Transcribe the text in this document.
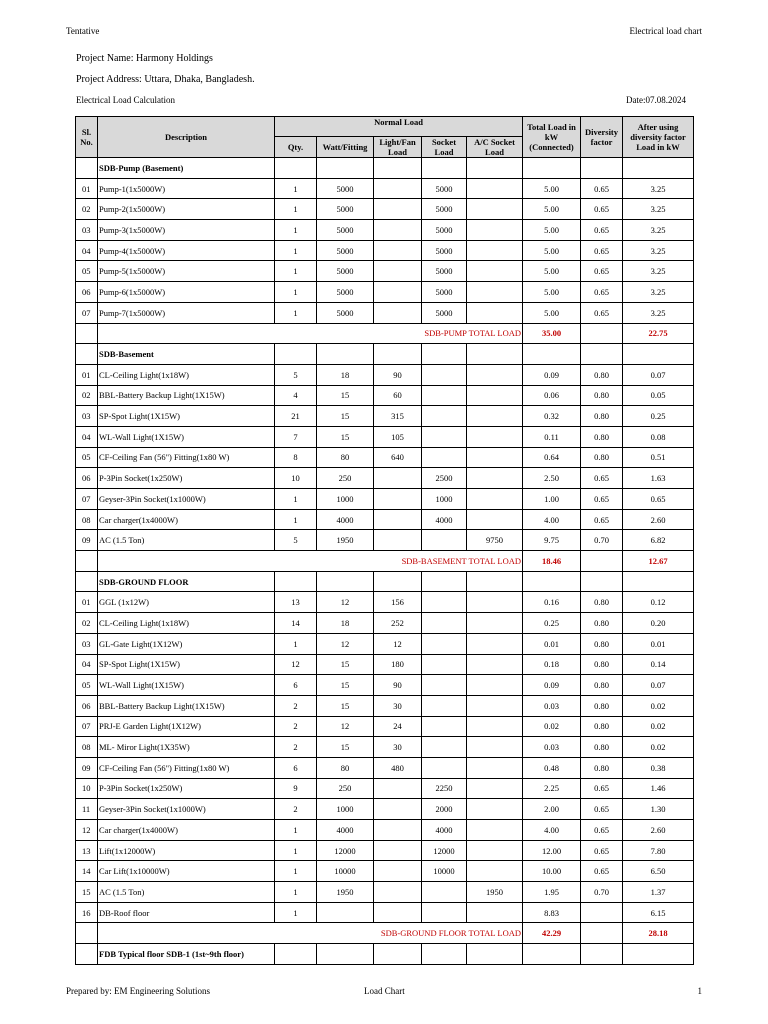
Tentative	Electrical load chart
Project Name: Harmony Holdings
Project Address: Uttara, Dhaka, Bangladesh.
Electrical Load Calculation	Date:07.08.2024
Sl. No.	Description	Normal Load					Total Load in kW (Connected)	Diversity factor	After using diversity factor Load in kW
		Qty.	Watt/Fitting	Light/Fan Load	Socket Load	A/C Socket Load			
	SDB-Pump (Basement)								
01	Pump-1(1x5000W)	1	5000		5000		5.00	0.65	3.25
02	Pump-2(1x5000W)	1	5000		5000		5.00	0.65	3.25
03	Pump-3(1x5000W)	1	5000		5000		5.00	0.65	3.25
04	Pump-4(1x5000W)	1	5000		5000		5.00	0.65	3.25
05	Pump-5(1x5000W)	1	5000		5000		5.00	0.65	3.25
06	Pump-6(1x5000W)	1	5000		5000		5.00	0.65	3.25
07	Pump-7(1x5000W)	1	5000		5000		5.00	0.65	3.25
	SDB-PUMP TOTAL LOAD						35.00		22.75
	SDB-Basement								
01	CL-Ceiling Light(1x18W)	5	18	90			0.09	0.80	0.07
02	BBL-Battery Backup Light(1X15W)	4	15	60			0.06	0.80	0.05
03	SP-Spot Light(1X15W)	21	15	315			0.32	0.80	0.25
04	WL-Wall Light(1X15W)	7	15	105			0.11	0.80	0.08
05	CF-Ceiling Fan (56") Fitting(1x80 W)	8	80	640			0.64	0.80	0.51
06	P-3Pin Socket(1x250W)	10	250		2500		2.50	0.65	1.63
07	Geyser-3Pin Socket(1x1000W)	1	1000		1000		1.00	0.65	0.65
08	Car charger(1x4000W)	1	4000		4000		4.00	0.65	2.60
09	AC (1.5 Ton)	5	1950			9750	9.75	0.70	6.82
	SDB-BASEMENT TOTAL LOAD						18.46		12.67
	SDB-GROUND FLOOR								
01	GGL (1x12W)	13	12	156			0.16	0.80	0.12
02	CL-Ceiling Light(1x18W)	14	18	252			0.25	0.80	0.20
03	GL-Gate Light(1X12W)	1	12	12			0.01	0.80	0.01
04	SP-Spot Light(1X15W)	12	15	180			0.18	0.80	0.14
05	WL-Wall Light(1X15W)	6	15	90			0.09	0.80	0.07
06	BBL-Battery Backup Light(1X15W)	2	15	30			0.03	0.80	0.02
07	PRJ-E Garden Light(1X12W)	2	12	24			0.02	0.80	0.02
08	ML- Miror Light(1X35W)	2	15	30			0.03	0.80	0.02
09	CF-Ceiling Fan (56") Fitting(1x80 W)	6	80	480			0.48	0.80	0.38
10	P-3Pin Socket(1x250W)	9	250		2250		2.25	0.65	1.46
11	Geyser-3Pin Socket(1x1000W)	2	1000		2000		2.00	0.65	1.30
12	Car charger(1x4000W)	1	4000		4000		4.00	0.65	2.60
13	Lift(1x12000W)	1	12000		12000		12.00	0.65	7.80
14	Car Lift(1x10000W)	1	10000		10000		10.00	0.65	6.50
15	AC (1.5 Ton)	1	1950			1950	1.95	0.70	1.37
16	DB-Roof floor	1					8.83		6.15
	SDB-GROUND FLOOR TOTAL LOAD						42.29		28.18
	FDB Typical floor SDB-1 (1st~9th floor)								
Prepared by: EM Engineering Solutions	Load Chart	1
